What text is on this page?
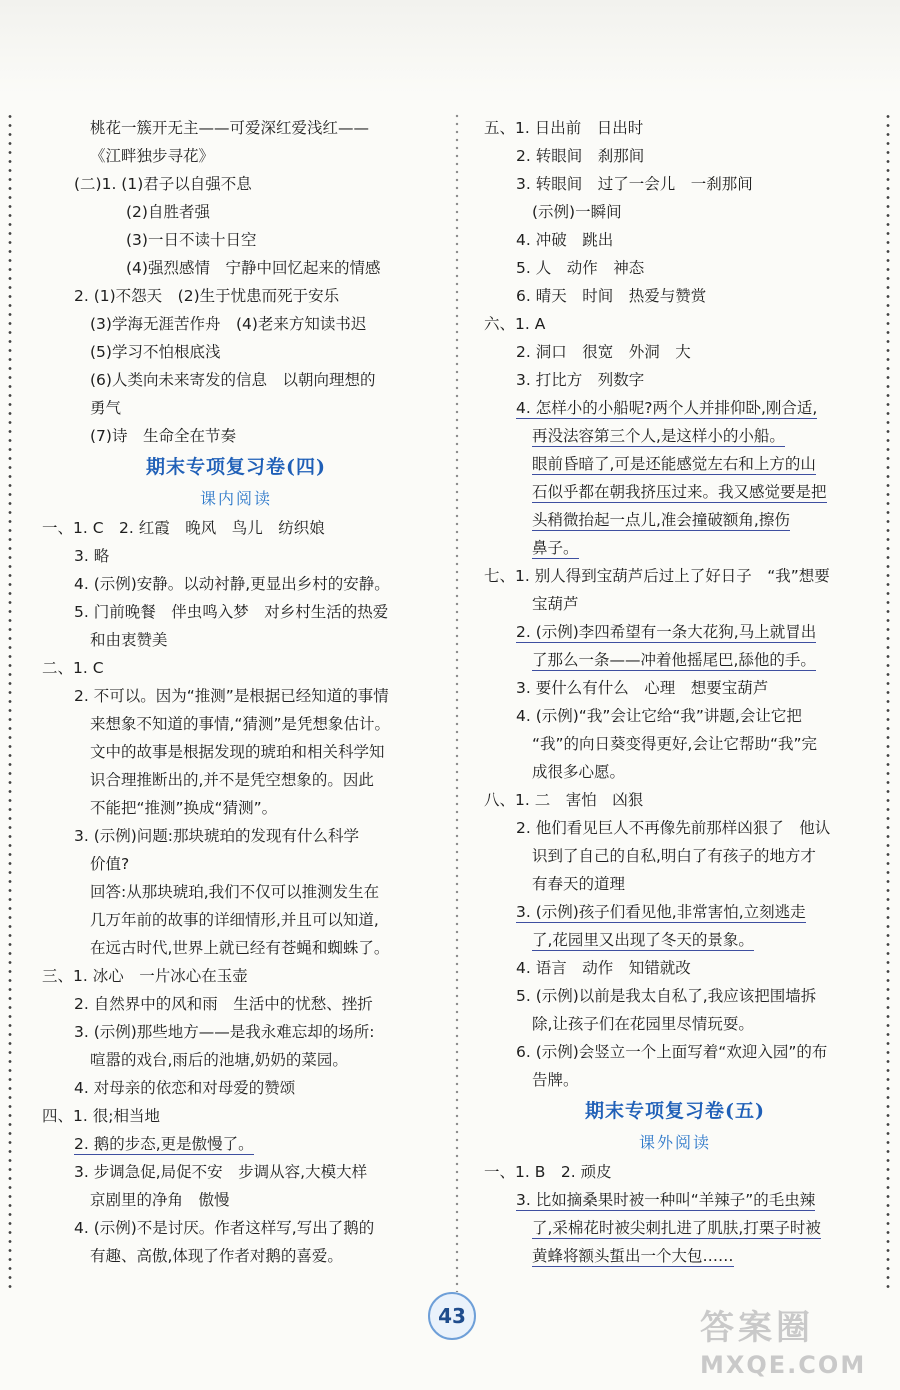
桃花一簇开无主——可爱深红爱浅红——
《江畔独步寻花》
(二)1. (1)君子以自强不息
(2)自胜者强
(3)一日不读十日空
(4)强烈感情　宁静中回忆起来的情感
2. (1)不怨天　(2)生于忧患而死于安乐
(3)学海无涯苦作舟　(4)老来方知读书迟
(5)学习不怕根底浅
(6)人类向未来寄发的信息　以朝向理想的
勇气
(7)诗　生命全在节奏
期末专项复习卷(四)
课内阅读
一、1. C　2. 红霞　晚风　鸟儿　纺织娘
3. 略
4. (示例)安静。以动衬静,更显出乡村的安静。
5. 门前晚餐　伴虫鸣入梦　对乡村生活的热爱
和由衷赞美
二、1. C
2. 不可以。因为“推测”是根据已经知道的事情
来想象不知道的事情,“猜测”是凭想象估计。
文中的故事是根据发现的琥珀和相关科学知
识合理推断出的,并不是凭空想象的。因此
不能把“推测”换成“猜测”。
3. (示例)问题:那块琥珀的发现有什么科学
价值?
回答:从那块琥珀,我们不仅可以推测发生在
几万年前的故事的详细情形,并且可以知道,
在远古时代,世界上就已经有苍蝇和蜘蛛了。
三、1. 冰心　一片冰心在玉壶
2. 自然界中的风和雨　生活中的忧愁、挫折
3. (示例)那些地方——是我永难忘却的场所:
喧嚣的戏台,雨后的池塘,奶奶的菜园。
4. 对母亲的依恋和对母爱的赞颂
四、1. 很;相当地
2. 鹅的步态,更是傲慢了。
3. 步调急促,局促不安　步调从容,大模大样
京剧里的净角　傲慢
4. (示例)不是讨厌。作者这样写,写出了鹅的
有趣、高傲,体现了作者对鹅的喜爱。
五、1. 日出前　日出时
2. 转眼间　刹那间
3. 转眼间　过了一会儿　一刹那间
(示例)一瞬间
4. 冲破　跳出
5. 人　动作　神态
6. 晴天　时间　热爱与赞赏
六、1. A
2. 洞口　很宽　外洞　大
3. 打比方　列数字
4. 怎样小的小船呢?两个人并排仰卧,刚合适,
再没法容第三个人,是这样小的小船。
眼前昏暗了,可是还能感觉左右和上方的山
石似乎都在朝我挤压过来。我又感觉要是把
头稍微抬起一点儿,准会撞破额角,擦伤
鼻子。
七、1. 别人得到宝葫芦后过上了好日子　“我”想要
宝葫芦
2. (示例)李四希望有一条大花狗,马上就冒出
了那么一条——冲着他摇尾巴,舔他的手。
3. 要什么有什么　心理　想要宝葫芦
4. (示例)“我”会让它给“我”讲题,会让它把
“我”的向日葵变得更好,会让它帮助“我”完
成很多心愿。
八、1. 二　害怕　凶狠
2. 他们看见巨人不再像先前那样凶狠了　他认
识到了自己的自私,明白了有孩子的地方才
有春天的道理
3. (示例)孩子们看见他,非常害怕,立刻逃走
了,花园里又出现了冬天的景象。
4. 语言　动作　知错就改
5. (示例)以前是我太自私了,我应该把围墙拆
除,让孩子们在花园里尽情玩耍。
6. (示例)会竖立一个上面写着“欢迎入园”的布
告牌。
期末专项复习卷(五)
课外阅读
一、1. B　2. 顽皮
3. 比如摘桑果时被一种叫“羊辣子”的毛虫辣
了,采棉花时被尖刺扎进了肌肤,打栗子时被
黄蜂将额头蜇出一个大包……
43	答案圈
MXQE.COM
